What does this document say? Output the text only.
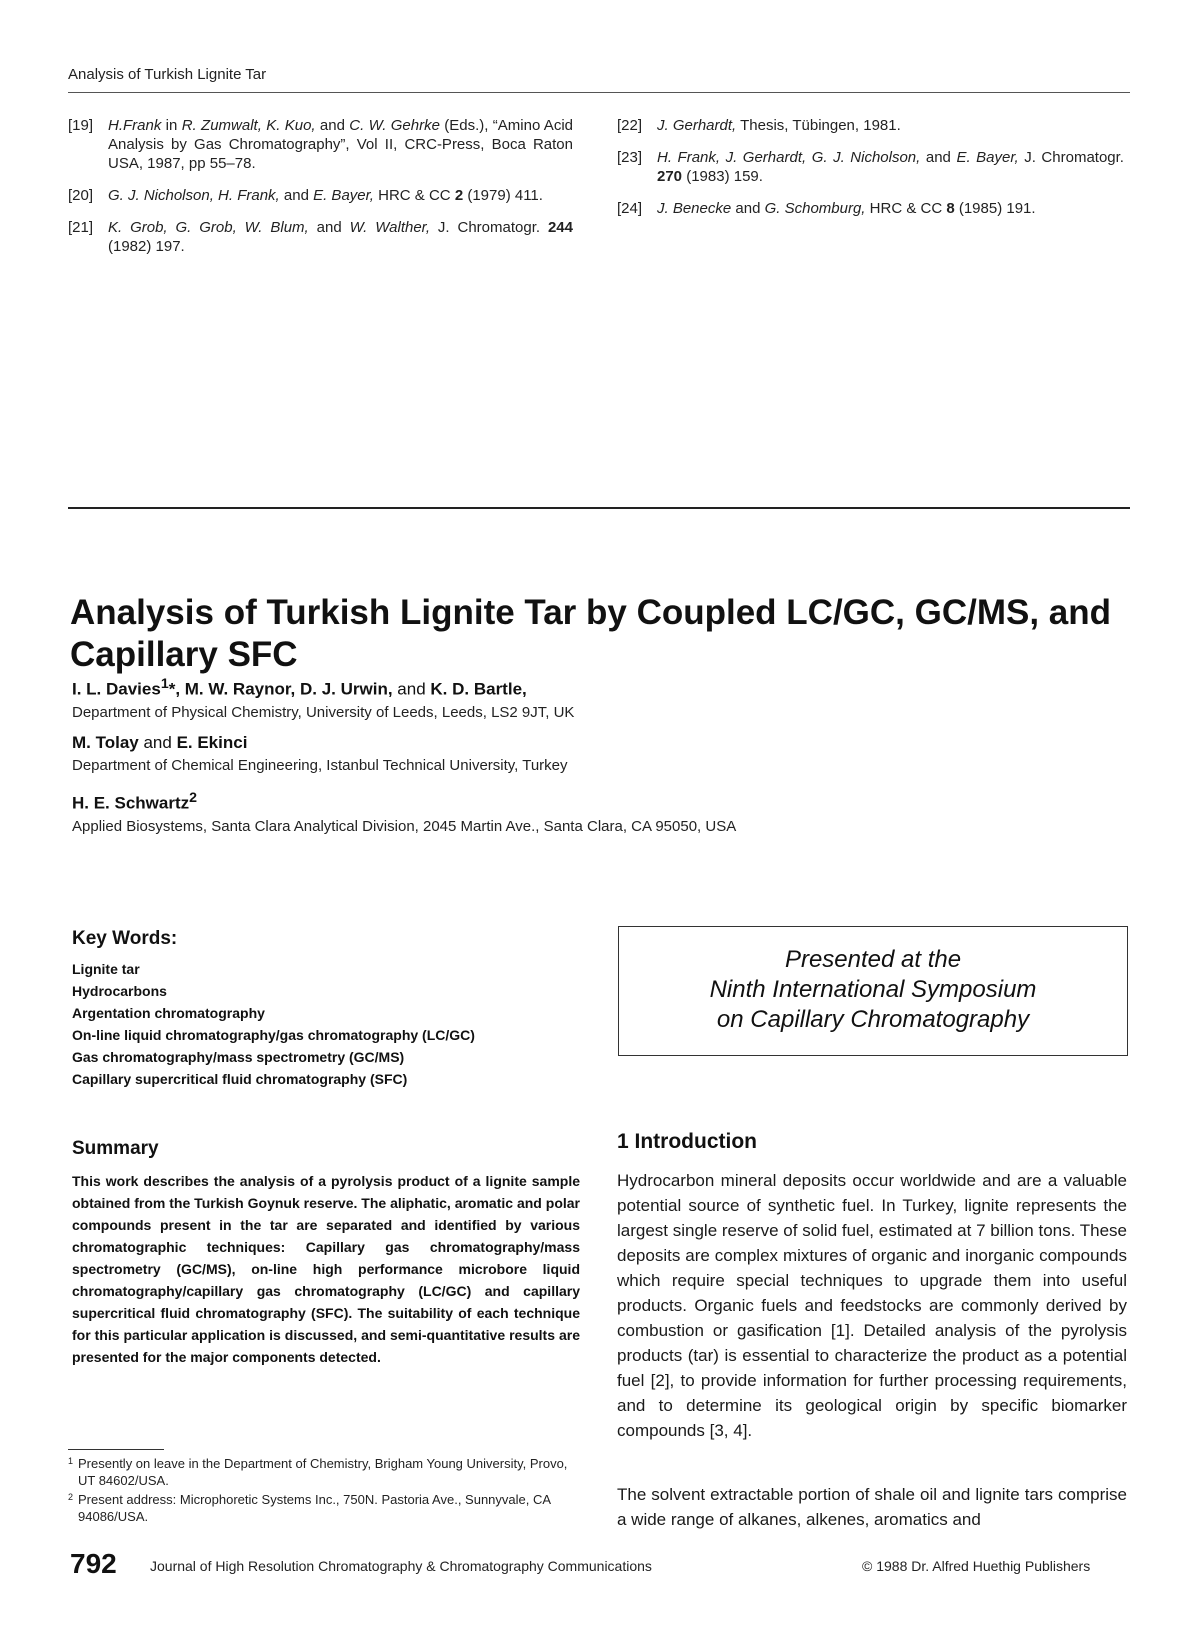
Analysis of Turkish Lignite Tar
[19] H.Frank in R. Zumwalt, K. Kuo, and C. W. Gehrke (Eds.), “Amino Acid Analysis by Gas Chromatography”, Vol II, CRC-Press, Boca Raton USA, 1987, pp 55–78.
[20] G. J. Nicholson, H. Frank, and E. Bayer, HRC & CC 2 (1979) 411.
[21] K. Grob, G. Grob, W. Blum, and W. Walther, J. Chromatogr. 244 (1982) 197.
[22] J. Gerhardt, Thesis, Tübingen, 1981.
[23] H. Frank, J. Gerhardt, G. J. Nicholson, and E. Bayer, J. Chromatogr. 270 (1983) 159.
[24] J. Benecke and G. Schomburg, HRC & CC 8 (1985) 191.
Analysis of Turkish Lignite Tar by Coupled LC/GC, GC/MS, and Capillary SFC
I. L. Davies$^1$*, M. W. Raynor, D. J. Urwin, and K. D. Bartle,
Department of Physical Chemistry, University of Leeds, Leeds, LS2 9JT, UK
M. Tolay and E. Ekinci
Department of Chemical Engineering, Istanbul Technical University, Turkey
H. E. Schwartz$^2$
Applied Biosystems, Santa Clara Analytical Division, 2045 Martin Ave., Santa Clara, CA 95050, USA
Key Words:
Lignite tar
Hydrocarbons
Argentation chromatography
On-line liquid chromatography/gas chromatography (LC/GC)
Gas chromatography/mass spectrometry (GC/MS)
Capillary supercritical fluid chromatography (SFC)
Presented at the
Ninth International Symposium
on Capillary Chromatography
Summary

This work describes the analysis of a pyrolysis product of a lignite sample obtained from the Turkish Goynuk reserve. The aliphatic, aromatic and polar compounds present in the tar are separated and identified by various chromatographic techniques: Capillary gas chromatography/mass spectrometry (GC/MS), on-line high performance microbore liquid chromatography/capillary gas chromatography (LC/GC) and capillary supercritical fluid chromatography (SFC). The suitability of each technique for this particular application is discussed, and semi-quantitative results are presented for the major components detected.

1 Presently on leave in the Department of Chemistry, Brigham Young University, Provo, UT 84602/USA.
2 Present address: Microphoretic Systems Inc., 750N. Pastoria Ave., Sunnyvale, CA 94086/USA.
1 Introduction

Hydrocarbon mineral deposits occur worldwide and are a valuable potential source of synthetic fuel. In Turkey, lignite represents the largest single reserve of solid fuel, estimated at 7 billion tons. These deposits are complex mixtures of organic and inorganic compounds which require special techniques to upgrade them into useful products. Organic fuels and feedstocks are commonly derived by combustion or gasification [1]. Detailed analysis of the pyrolysis products (tar) is essential to characterize the product as a potential fuel [2], to provide information for further processing requirements, and to determine its geological origin by specific biomarker compounds [3, 4].

The solvent extractable portion of shale oil and lignite tars comprise a wide range of alkanes, alkenes, aromatics and

792 Journal of High Resolution Chromatography & Chromatography Communications	© 1988 Dr. Alfred Huethig Publishers
